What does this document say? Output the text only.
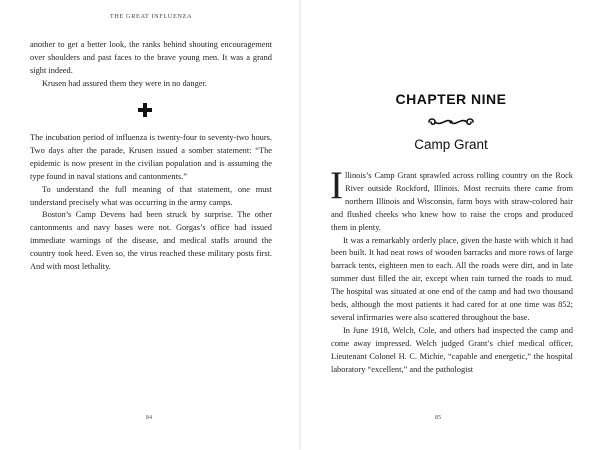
THE GREAT INFLUENZA

another to get a better look, the ranks behind shouting encouragement over shoulders and past faces to the brave young men. It was a grand sight indeed.

Krusen had assured them they were in no danger.

The incubation period of influenza is twenty-four to seventy-two hours. Two days after the parade, Krusen issued a somber statement: “The epidemic is now present in the civilian population and is assuming the type found in naval stations and cantonments.”

To understand the full meaning of that statement, one must understand precisely what was occurring in the army camps.

Boston’s Camp Devens had been struck by surprise. The other cantonments and navy bases were not. Gorgas’s office had issued immediate warnings of the disease, and medical staffs around the country took heed. Even so, the virus reached these military posts first. And with most lethality.

84
CHAPTER NINE
Camp Grant

Illinois’s Camp Grant sprawled across rolling country on the Rock River outside Rockford, Illinois. Most recruits there came from northern Illinois and Wisconsin, farm boys with straw-colored hair and flushed cheeks who knew how to raise the crops and produced them in plenty.

It was a remarkably orderly place, given the haste with which it had been built. It had neat rows of wooden barracks and more rows of large barrack tents, eighteen men to each. All the roads were dirt, and in late summer dust filled the air, except when rain turned the roads to mud. The hospital was situated at one end of the camp and had two thousand beds, although the most patients it had cared for at one time was 852; several infirmaries were also scattered throughout the base.

In June 1918, Welch, Cole, and others had inspected the camp and come away impressed. Welch judged Grant’s chief medical officer, Lieutenant Colonel H. C. Michie, “capable and energetic,” the hospital laboratory “excellent,” and the pathologist

85
